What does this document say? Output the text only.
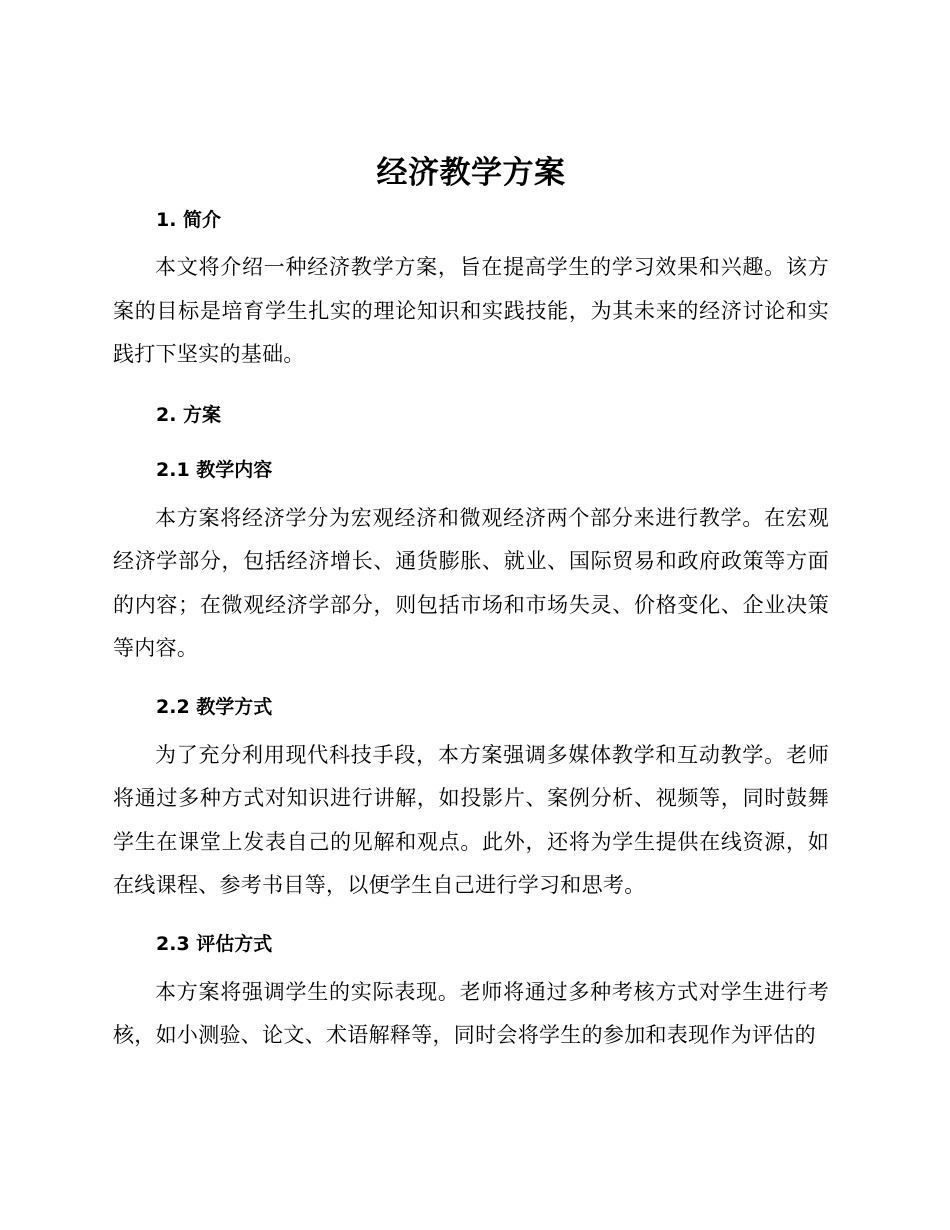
经济教学方案
1. 简介

本文将介绍一种经济教学方案，旨在提高学生的学习效果和兴趣。该方案的目标是培育学生扎实的理论知识和实践技能，为其未来的经济讨论和实践打下坚实的基础。

2. 方案
2.1 教学内容

本方案将经济学分为宏观经济和微观经济两个部分来进行教学。在宏观经济学部分，包括经济增长、通货膨胀、就业、国际贸易和政府政策等方面的内容；在微观经济学部分，则包括市场和市场失灵、价格变化、企业决策等内容。

2.2 教学方式

为了充分利用现代科技手段，本方案强调多媒体教学和互动教学。老师将通过多种方式对知识进行讲解，如投影片、案例分析、视频等，同时鼓舞学生在课堂上发表自己的见解和观点。此外，还将为学生提供在线资源，如在线课程、参考书目等，以便学生自己进行学习和思考。

2.3 评估方式

本方案将强调学生的实际表现。老师将通过多种考核方式对学生进行考核，如小测验、论文、术语解释等，同时会将学生的参加和表现作为评估的
